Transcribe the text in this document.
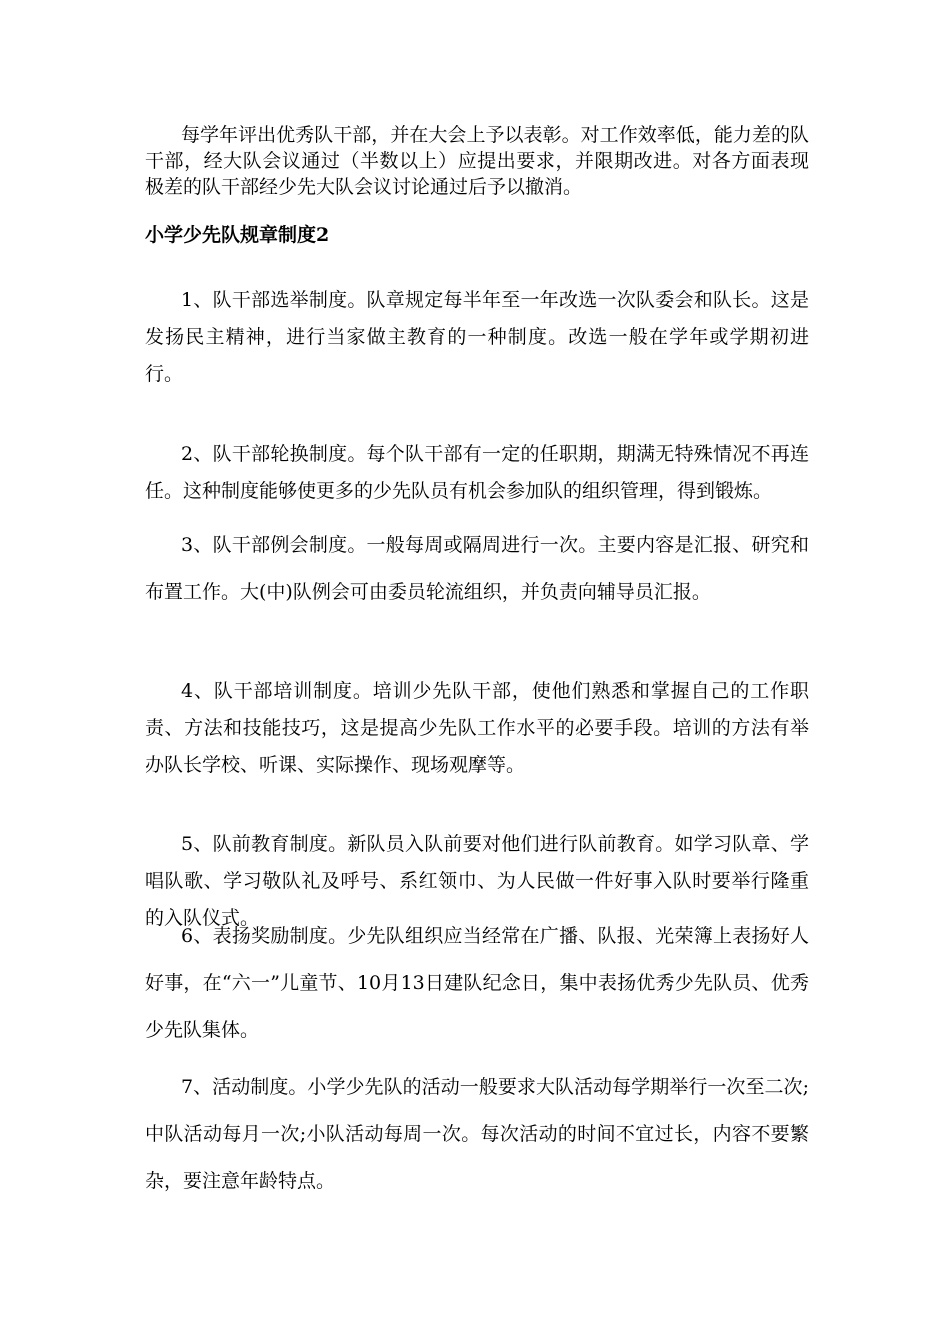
每学年评出优秀队干部，并在大会上予以表彰。对工作效率低，能力差的队干部，经大队会议通过（半数以上）应提出要求，并限期改进。对各方面表现极差的队干部经少先大队会议讨论通过后予以撤消。

小学少先队规章制度2

1、队干部选举制度。队章规定每半年至一年改选一次队委会和队长。这是发扬民主精神，进行当家做主教育的一种制度。改选一般在学年或学期初进行。

2、队干部轮换制度。每个队干部有一定的任职期，期满无特殊情况不再连任。这种制度能够使更多的少先队员有机会参加队的组织管理，得到锻炼。

3、队干部例会制度。一般每周或隔周进行一次。主要内容是汇报、研究和布置工作。大(中)队例会可由委员轮流组织，并负责向辅导员汇报。

4、队干部培训制度。培训少先队干部，使他们熟悉和掌握自己的工作职责、方法和技能技巧，这是提高少先队工作水平的必要手段。培训的方法有举办队长学校、听课、实际操作、现场观摩等。

5、队前教育制度。新队员入队前要对他们进行队前教育。如学习队章、学唱队歌、学习敬队礼及呼号、系红领巾、为人民做一件好事入队时要举行隆重的入队仪式。

6、表扬奖励制度。少先队组织应当经常在广播、队报、光荣簿上表扬好人好事，在“六一”儿童节、10月13日建队纪念日，集中表扬优秀少先队员、优秀少先队集体。

7、活动制度。小学少先队的活动一般要求大队活动每学期举行一次至二次;中队活动每月一次;小队活动每周一次。每次活动的时间不宜过长，内容不要繁杂，要注意年龄特点。
